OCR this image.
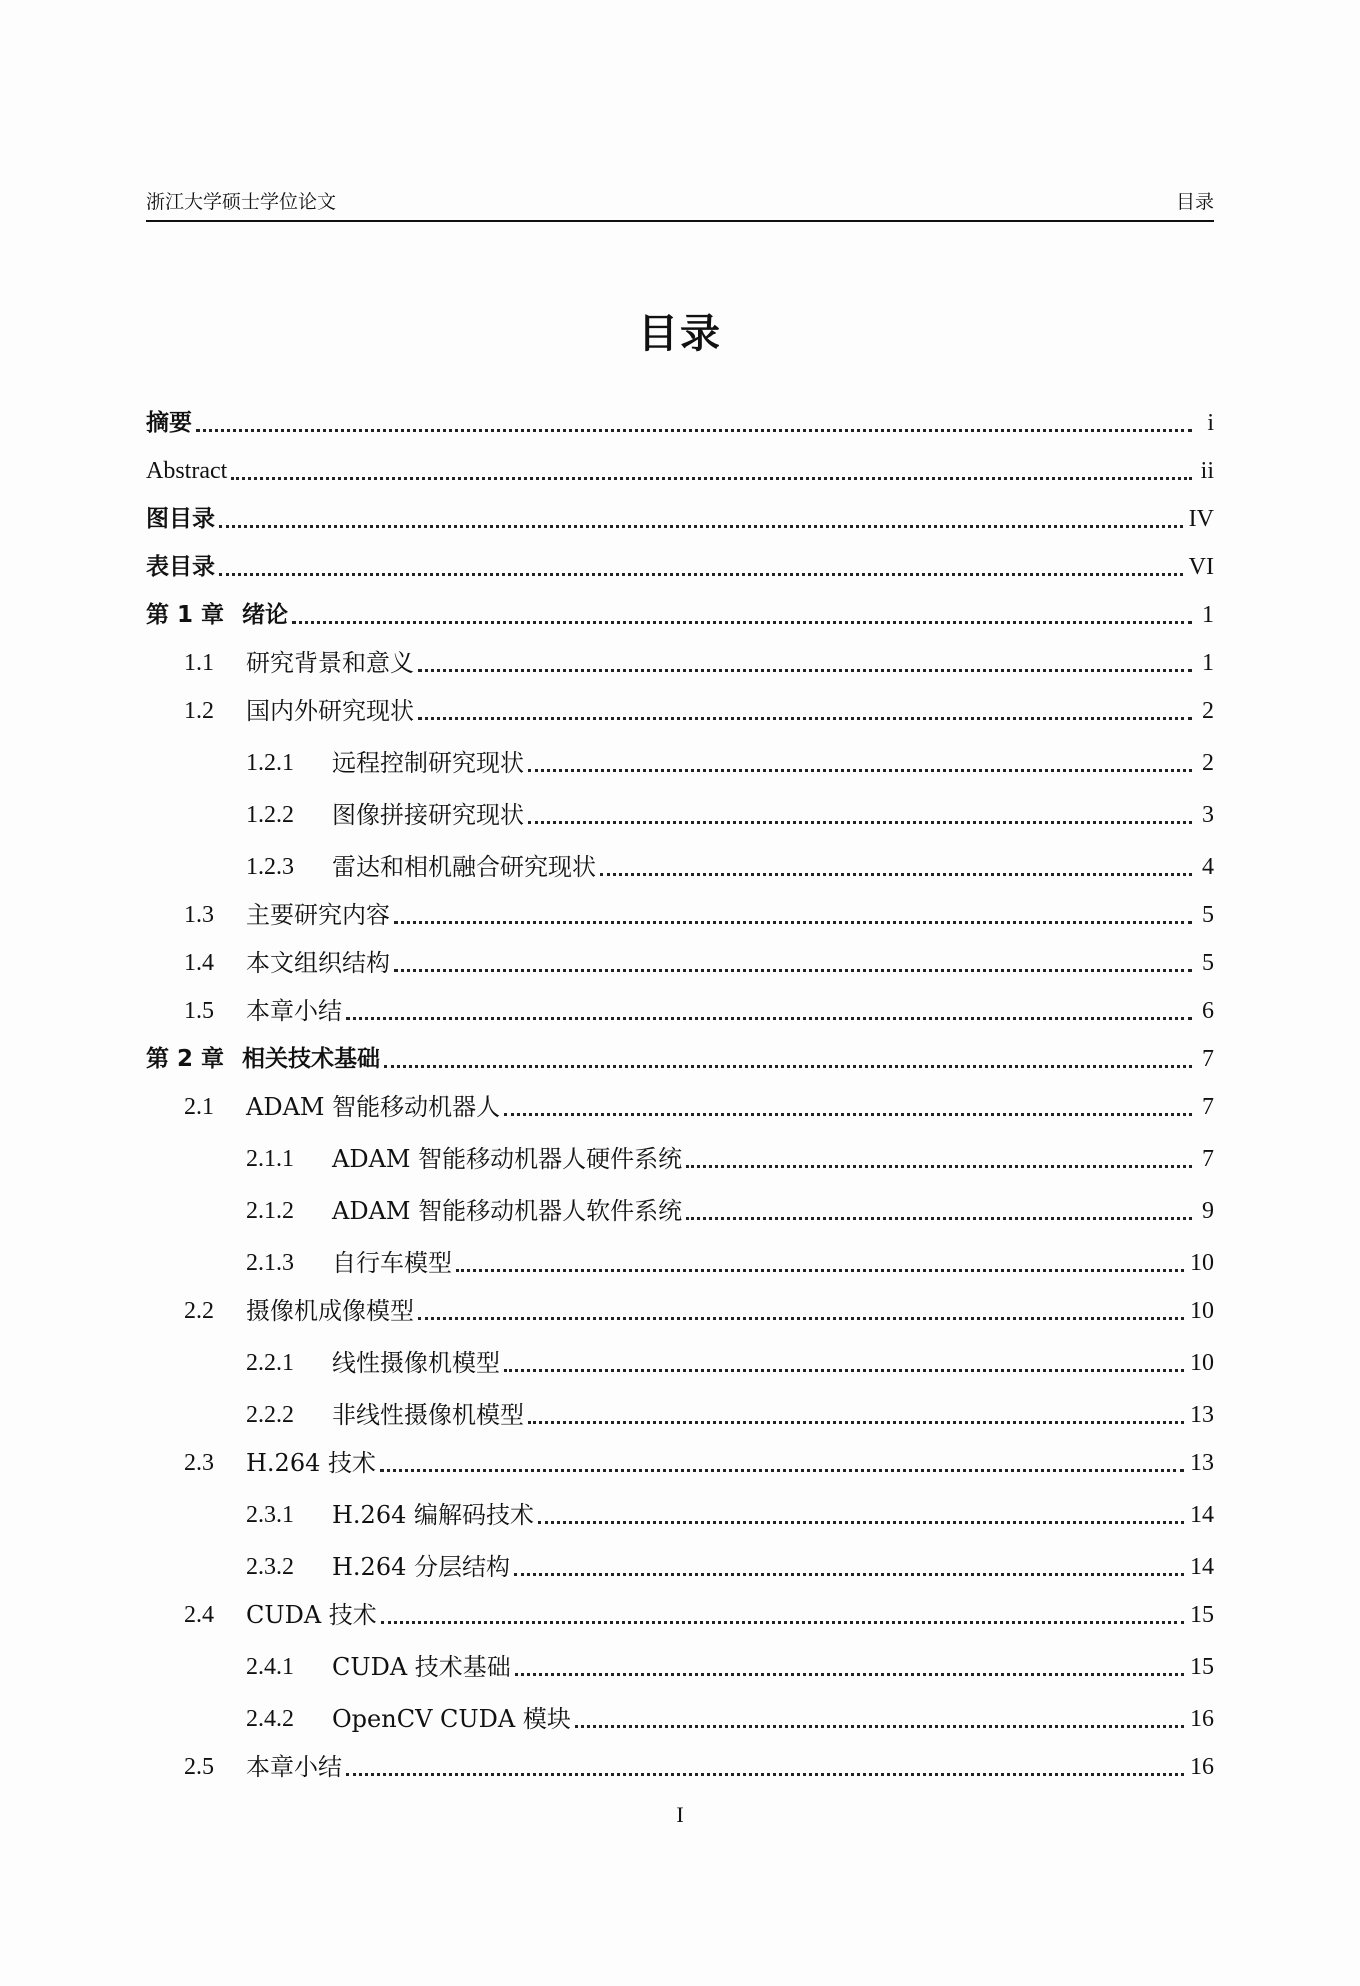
浙江大学硕士学位论文	目录
目录
摘要	i
Abstract	ii
图目录	IV
表目录	VI
第 1 章 绪论	1
1.1	研究背景和意义	1
1.2	国内外研究现状	2
1.2.1	远程控制研究现状	2
1.2.2	图像拼接研究现状	3
1.2.3	雷达和相机融合研究现状	4
1.3	主要研究内容	5
1.4	本文组织结构	5
1.5	本章小结	6
第 2 章 相关技术基础	7
2.1	ADAM 智能移动机器人	7
2.1.1	ADAM 智能移动机器人硬件系统	7
2.1.2	ADAM 智能移动机器人软件系统	9
2.1.3	自行车模型	10
2.2	摄像机成像模型	10
2.2.1	线性摄像机模型	10
2.2.2	非线性摄像机模型	13
2.3	H.264 技术	13
2.3.1	H.264 编解码技术	14
2.3.2	H.264 分层结构	14
2.4	CUDA 技术	15
2.4.1	CUDA 技术基础	15
2.4.2	OpenCV CUDA 模块	16
2.5	本章小结	16
I
